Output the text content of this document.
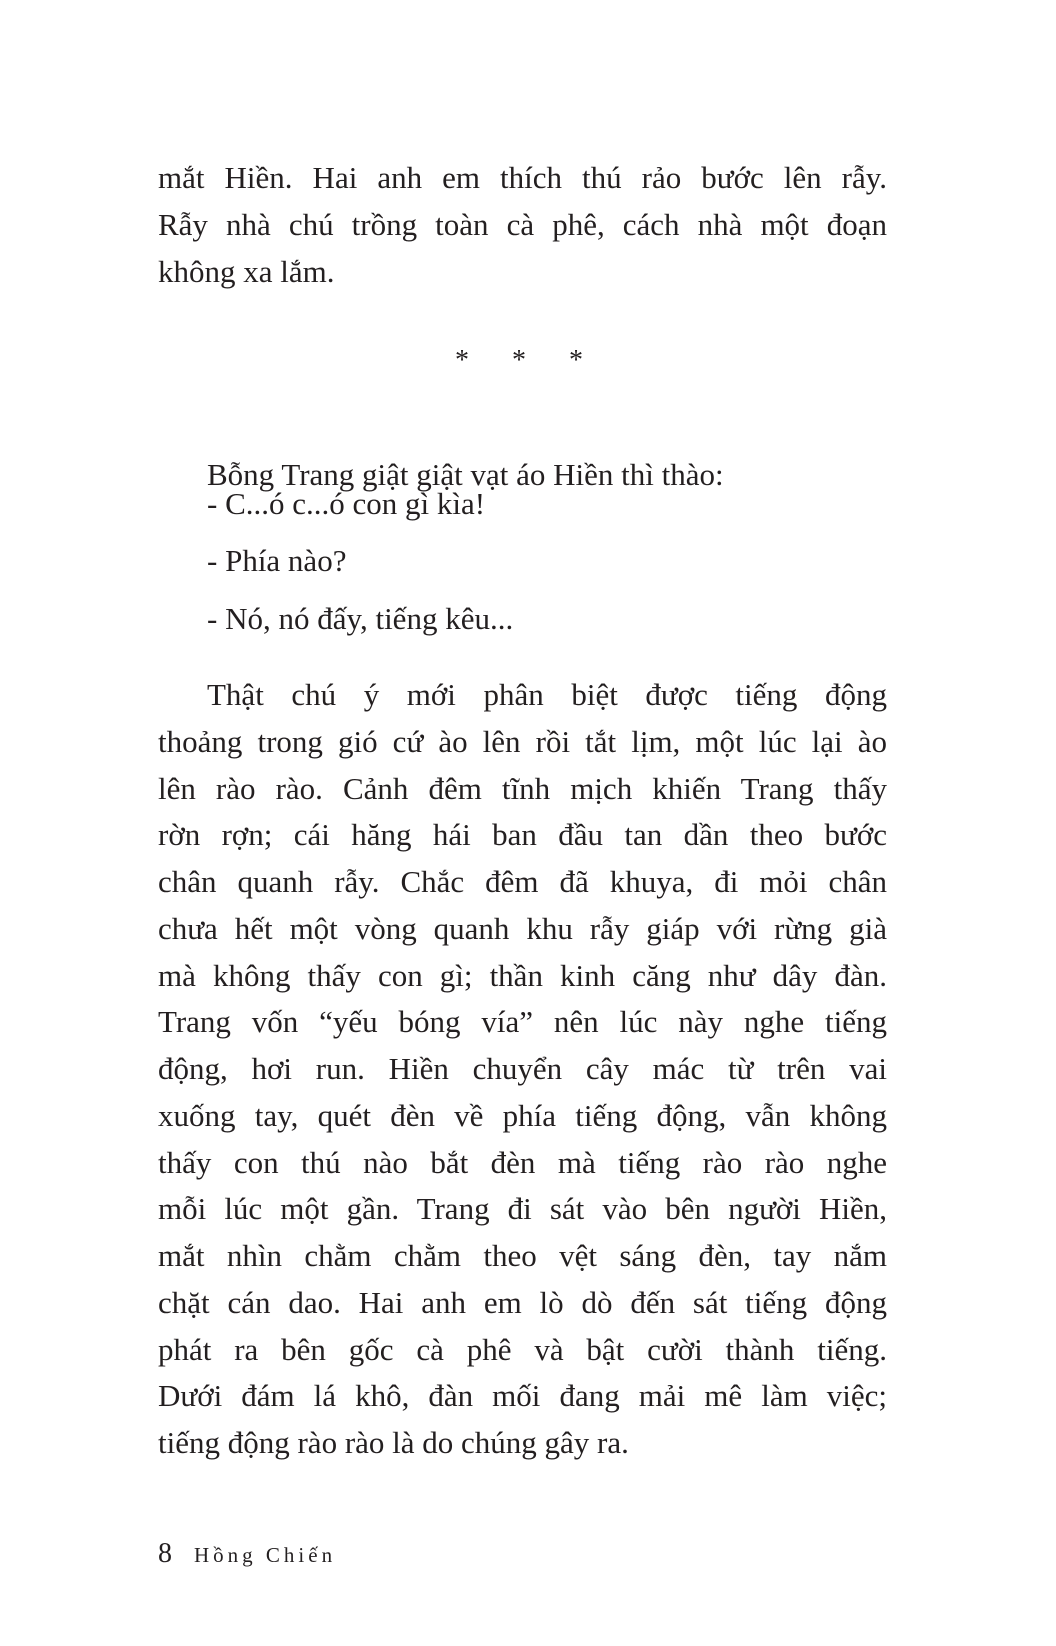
mắt Hiền. Hai anh em thích thú rảo bước lên rẫy.
Rẫy nhà chú trồng toàn cà phê, cách nhà một đoạn
không xa lắm.
* * *
Bỗng Trang giật giật vạt áo Hiền thì thào:
- C...ó c...ó con gì kìa!
- Phía nào?
- Nó, nó đấy, tiếng kêu...
Thật chú ý mới phân biệt được tiếng động
thoảng trong gió cứ ào lên rồi tắt lịm, một lúc lại ào
lên rào rào. Cảnh đêm tĩnh mịch khiến Trang thấy
rờn rợn; cái hăng hái ban đầu tan dần theo bước
chân quanh rẫy. Chắc đêm đã khuya, đi mỏi chân
chưa hết một vòng quanh khu rẫy giáp với rừng già
mà không thấy con gì; thần kinh căng như dây đàn.
Trang vốn “yếu bóng vía” nên lúc này nghe tiếng
động, hơi run. Hiền chuyển cây mác từ trên vai
xuống tay, quét đèn về phía tiếng động, vẫn không
thấy con thú nào bắt đèn mà tiếng rào rào nghe
mỗi lúc một gần. Trang đi sát vào bên người Hiền,
mắt nhìn chằm chằm theo vệt sáng đèn, tay nắm
chặt cán dao. Hai anh em lò dò đến sát tiếng động
phát ra bên gốc cà phê và bật cười thành tiếng.
Dưới đám lá khô, đàn mối đang mải mê làm việc;
tiếng động rào rào là do chúng gây ra.
8 Hồng Chiến
